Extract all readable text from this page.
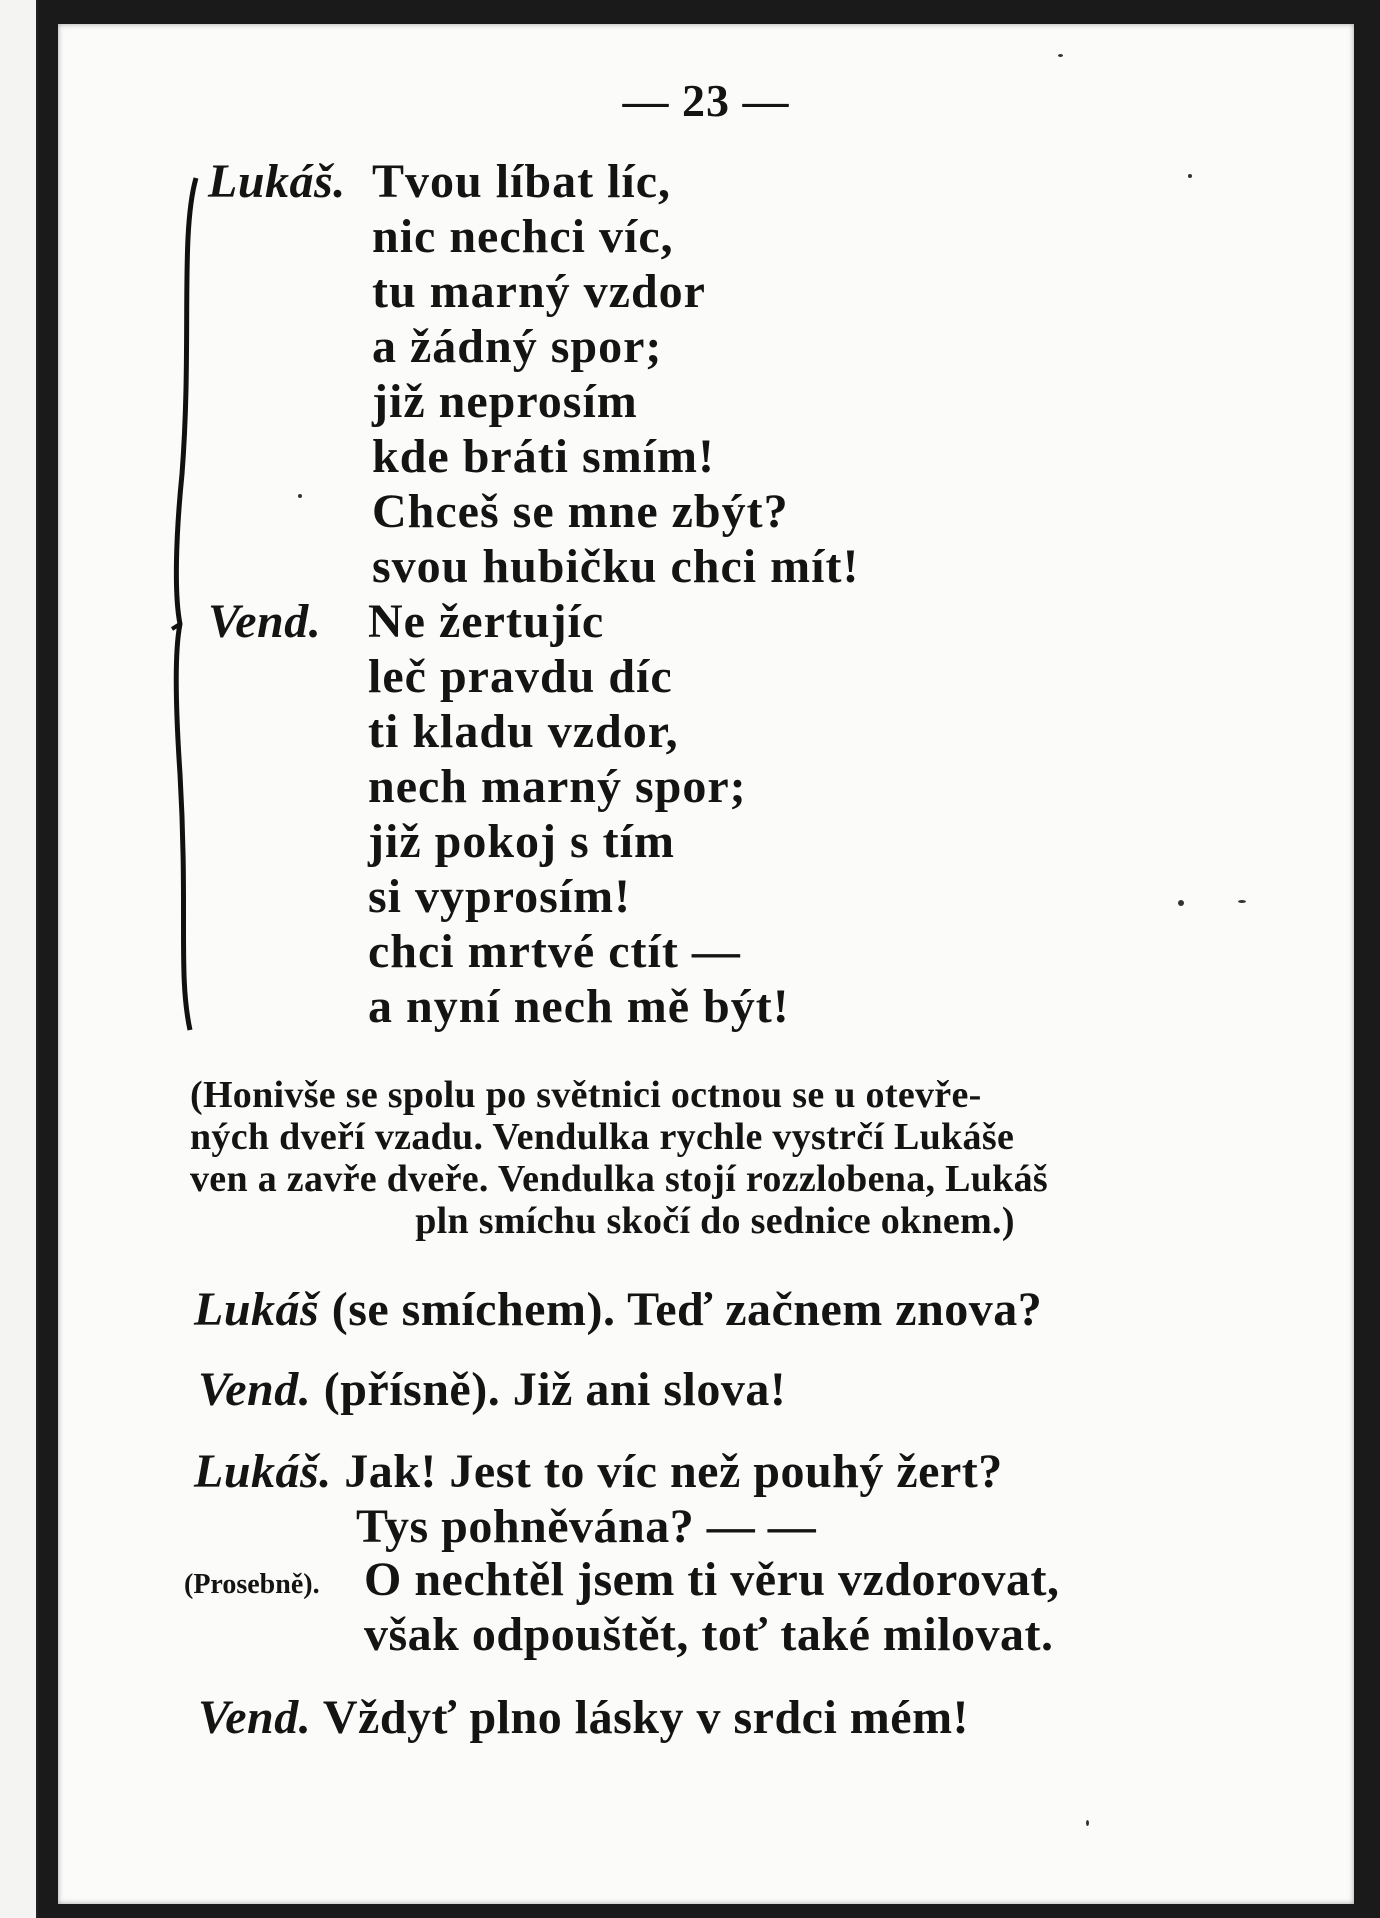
— 23 —
Lukáš. Tvou líbat líc,
nic nechci víc,
tu marný vzdor
a žádný spor;
již neprosím
kde bráti smím!
Chceš se mne zbýt?
svou hubičku chci mít!
Vend. Ne žertujíc
leč pravdu díc
ti kladu vzdor,
nech marný spor;
již pokoj s tím
si vyprosím!
chci mrtvé ctít —
a nyní nech mě být!
(Honivše se spolu po světnici octnou se u otevře-
ných dveří vzadu. Vendulka rychle vystrčí Lukáše
ven a zavře dveře. Vendulka stojí rozzlobena, Lukáš
pln smíchu skočí do sednice oknem.)
Lukáš (se smíchem). Teď začnem znova?
Vend. (přísně). Již ani slova!
Lukáš. Jak! Jest to víc než pouhý žert?
Tys pohněvána? — —
(Prosebně). O nechtěl jsem ti věru vzdorovat,
však odpouštět, toť také milovat.
Vend. Vždyť plno lásky v srdci mém!
